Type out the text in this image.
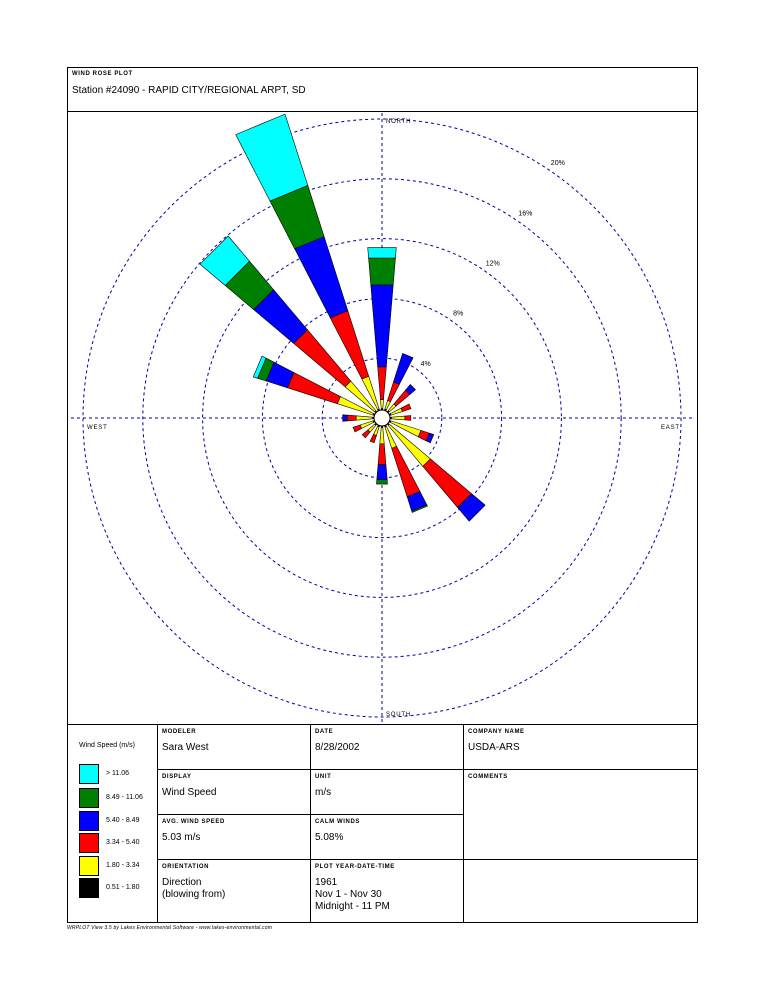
WIND ROSE PLOT
Station #24090 - RAPID CITY/REGIONAL ARPT, SD
4%
8%
12%
16%
20%
NORTH
SOUTH
EAST
WEST
Wind Speed (m/s)
> 11.06
8.49 - 11.06
5.40 - 8.49
3.34 - 5.40
1.80 - 3.34
0.51 - 1.80
MODELER
Sara West
DATE
8/28/2002
COMPANY NAME
USDA-ARS
DISPLAY
Wind Speed
UNIT
m/s
COMMENTS
AVG. WIND SPEED
5.03 m/s
CALM WINDS
5.08%
ORIENTATION
Direction
(blowing from)
PLOT YEAR-DATE-TIME
1961
Nov 1 - Nov 30
Midnight - 11 PM
WRPLOT View 3.5 by Lakes Environmental Software - www.lakes-environmental.com
